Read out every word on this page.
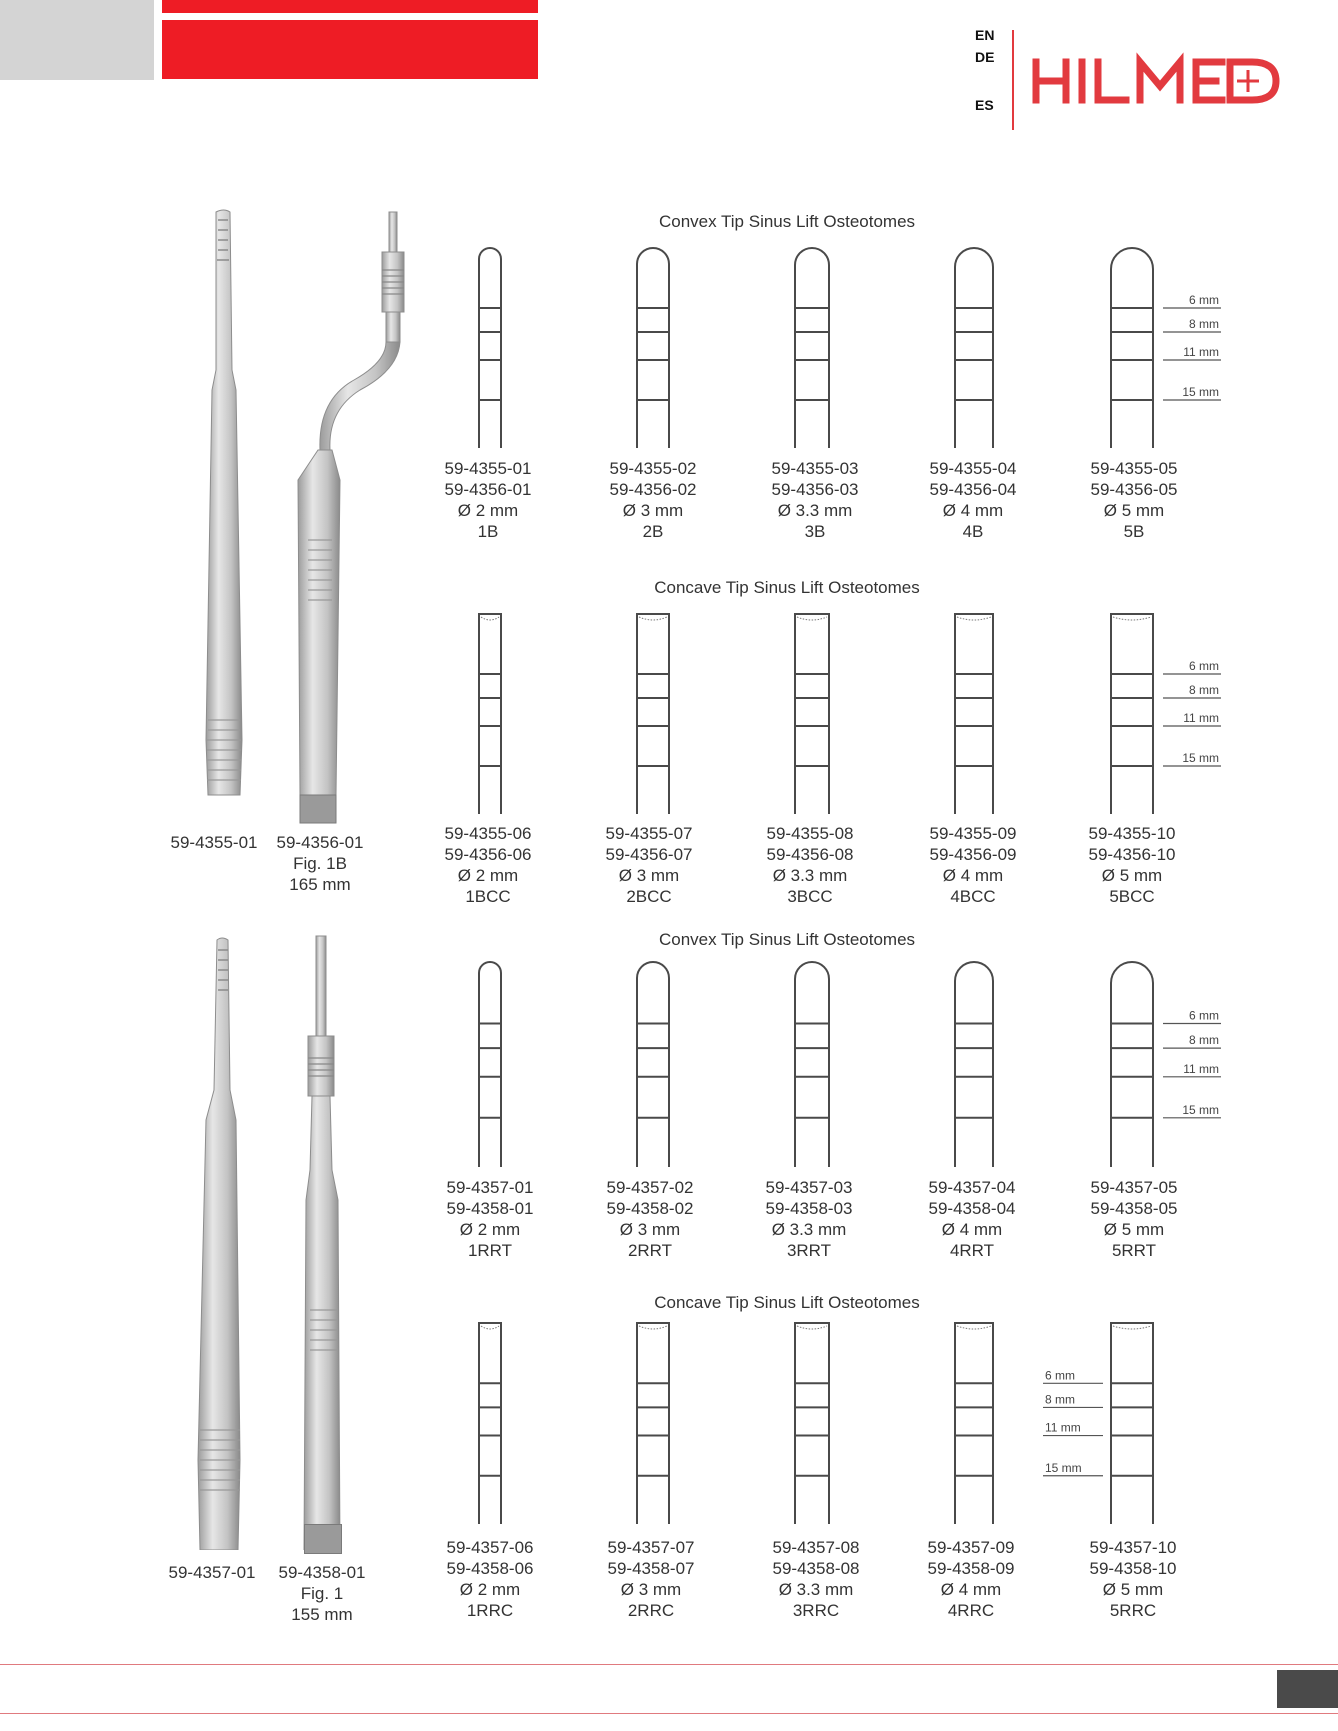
EN
DE
ES
59-4355-01	59-4356-01
Fig. 1B
165 mm
59-4357-01	59-4358-01
Fig. 1
155 mm
Convex Tip Sinus Lift Osteotomes
Concave Tip Sinus Lift Osteotomes
Convex Tip Sinus Lift Osteotomes
Concave Tip Sinus Lift Osteotomes
6 mm
8 mm
11 mm
15 mm
6 mm
8 mm
11 mm
15 mm
6 mm
8 mm
11 mm
15 mm
6 mm
8 mm
11 mm
15 mm
59-4355-01
59-4356-01
Ø 2 mm
1B
59-4355-02
59-4356-02
Ø 3 mm
2B
59-4355-03
59-4356-03
Ø 3.3 mm
3B
59-4355-04
59-4356-04
Ø 4 mm
4B
59-4355-05
59-4356-05
Ø 5 mm
5B
59-4355-06
59-4356-06
Ø 2 mm
1BCC
59-4355-07
59-4356-07
Ø 3 mm
2BCC
59-4355-08
59-4356-08
Ø 3.3 mm
3BCC
59-4355-09
59-4356-09
Ø 4 mm
4BCC
59-4355-10
59-4356-10
Ø 5 mm
5BCC
59-4357-01
59-4358-01
Ø 2 mm
1RRT
59-4357-02
59-4358-02
Ø 3 mm
2RRT
59-4357-03
59-4358-03
Ø 3.3 mm
3RRT
59-4357-04
59-4358-04
Ø 4 mm
4RRT
59-4357-05
59-4358-05
Ø 5 mm
5RRT
59-4357-06
59-4358-06
Ø 2 mm
1RRC
59-4357-07
59-4358-07
Ø 3 mm
2RRC
59-4357-08
59-4358-08
Ø 3.3 mm
3RRC
59-4357-09
59-4358-09
Ø 4 mm
4RRC
59-4357-10
59-4358-10
Ø 5 mm
5RRC
